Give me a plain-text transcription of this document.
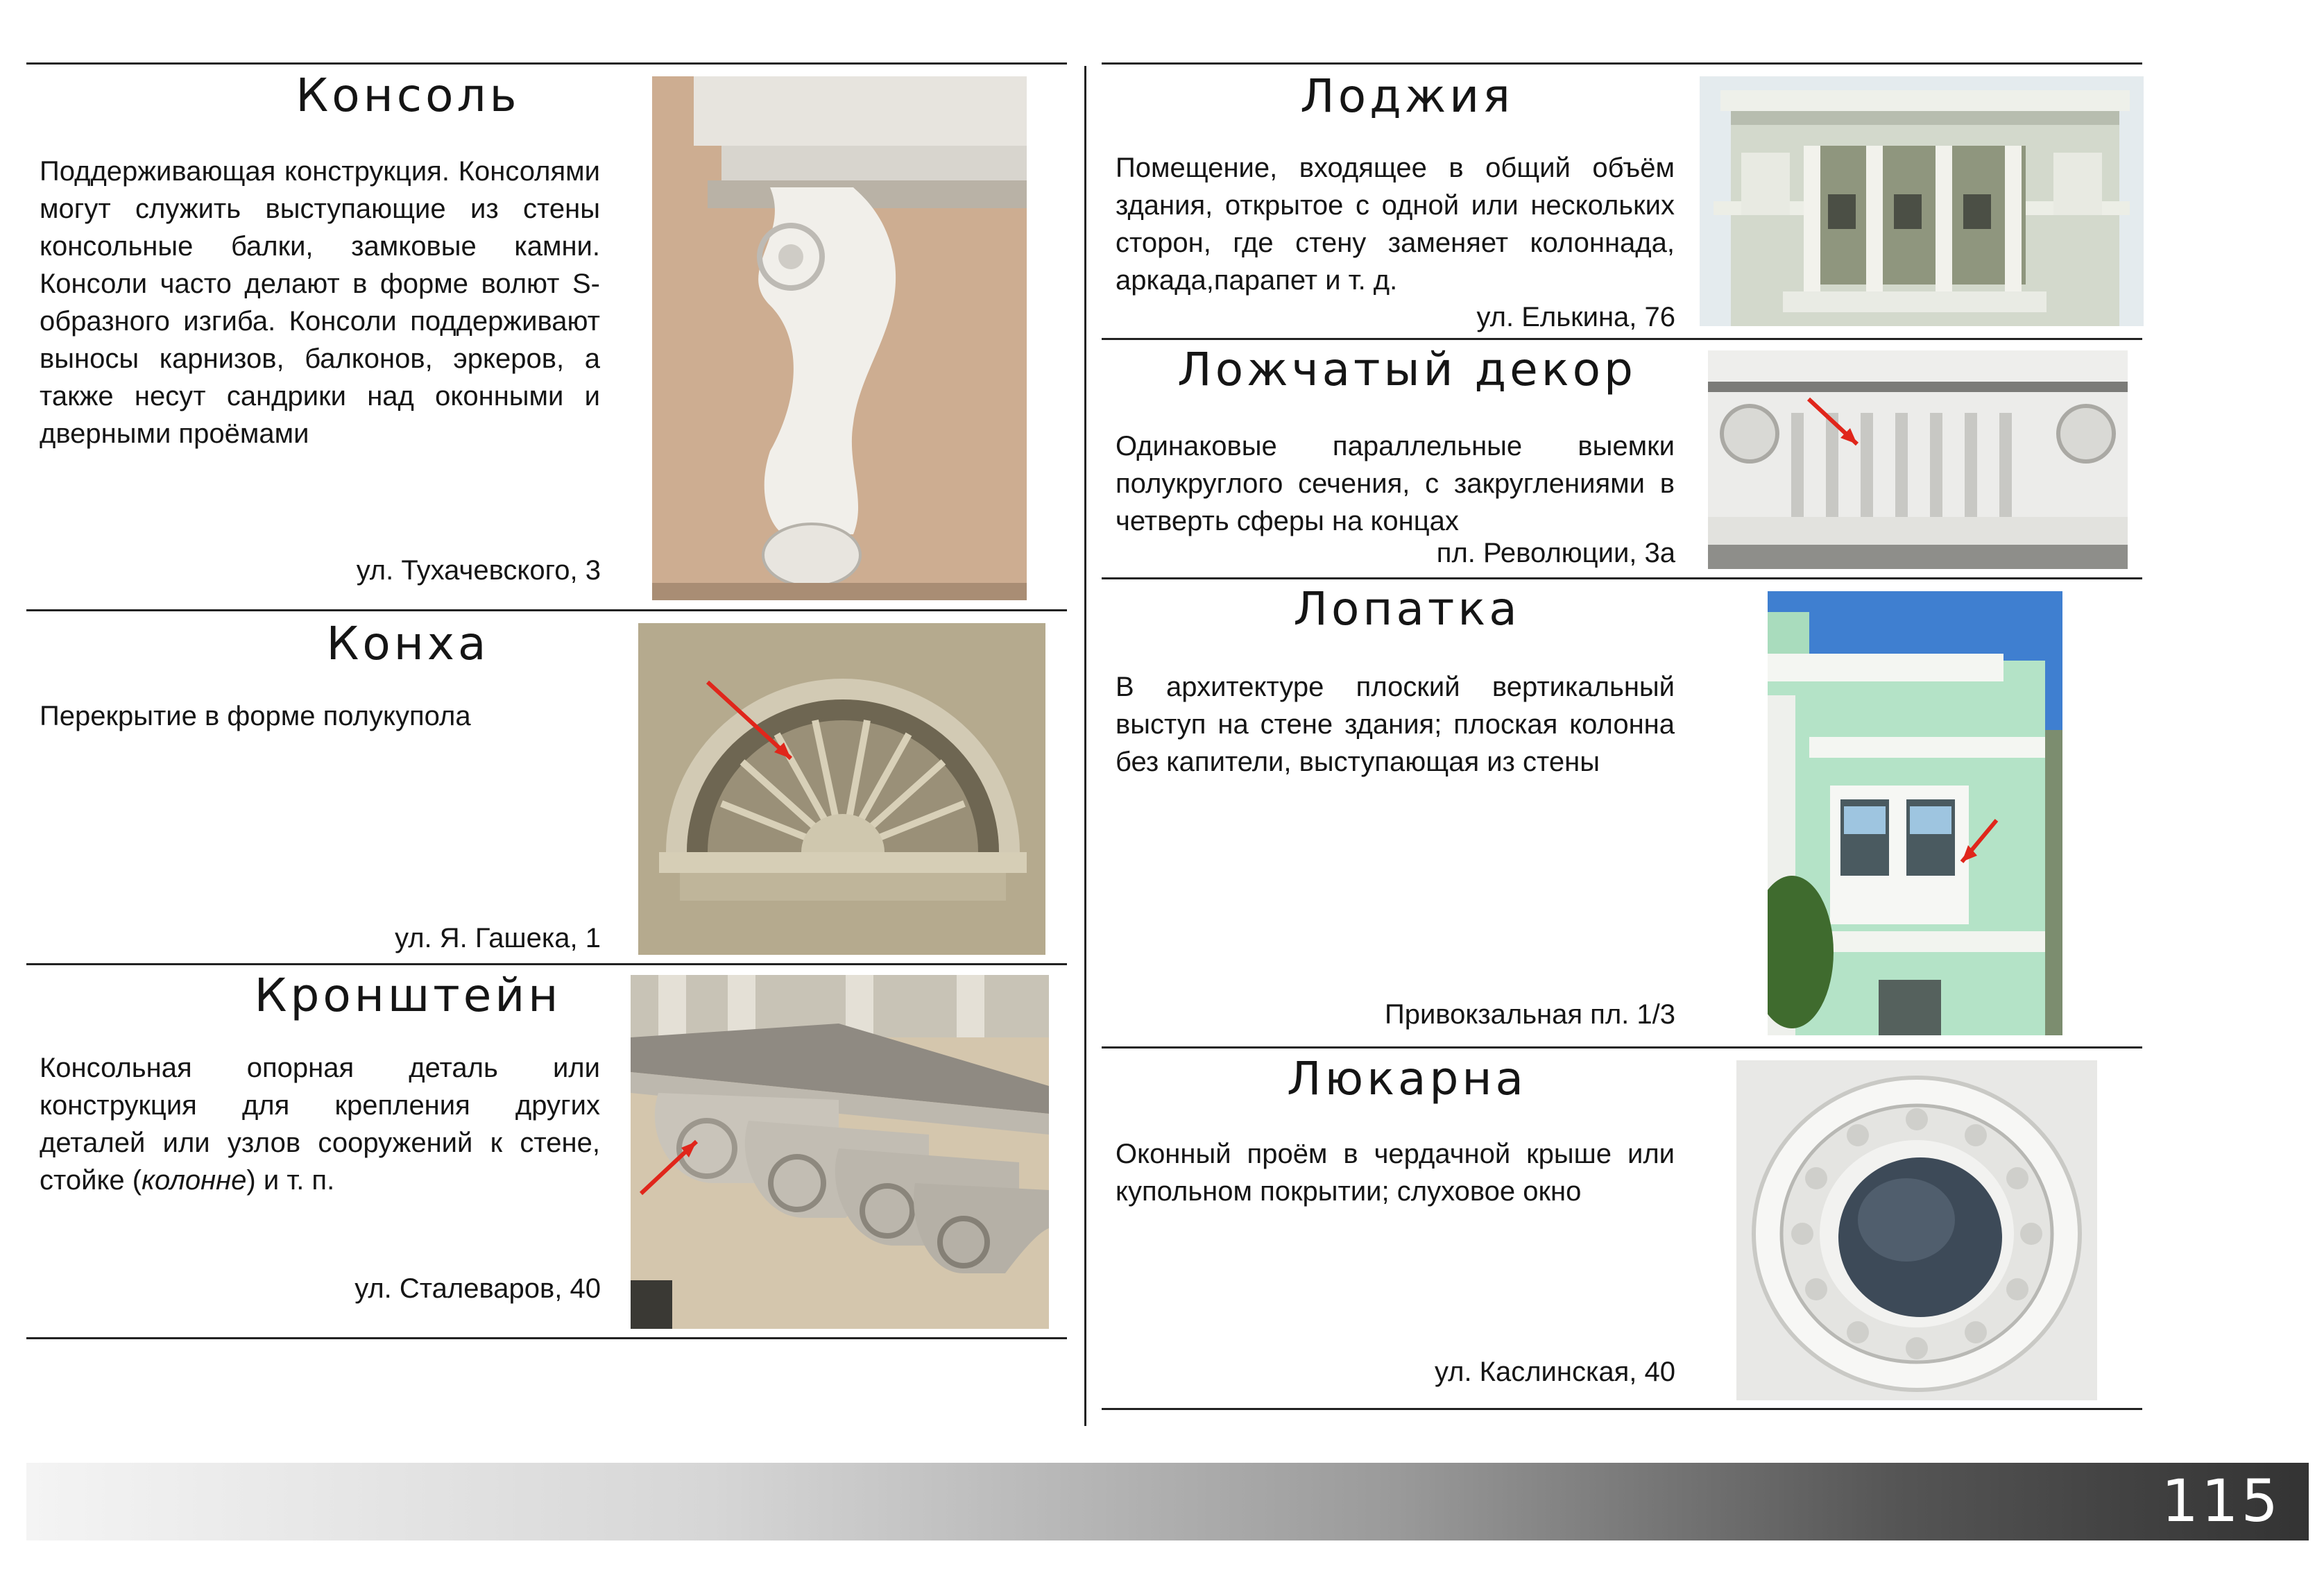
Консоль
Поддерживающая конструкция. Консолями могут служить выступающие из стены консольные балки, замковые камни. Консоли часто делают в форме волют S-образного изгиба. Консоли поддерживают выносы карнизов, балконов, эркеров, а также несут сандрики над оконными и дверными проёмами
ул. Тухачевского, 3
Конха
Перекрытие в форме полукупола
ул. Я. Гашека, 1
Кронштейн
Консольная опорная деталь или конструкция для крепления других деталей или узлов сооружений к стене, стойке (колонне) и т. п.
ул. Сталеваров, 40
Лоджия
Помещение, входящее в общий объём здания, открытое с одной или нескольких сторон, где стену заменяет колоннада, аркада,парапет и т. д.
ул. Елькина, 76
Ложчатый декор
Одинаковые параллельные выемки полукруглого сечения, с закруглениями в четверть сферы на концах
пл. Революции, 3а
Лопатка
В архитектуре плоский вертикальный выступ на стене здания; плоская колонна без капители, выступающая из стены
Привокзальная пл. 1/3
Люкарна
Оконный проём в чердачной крыше или купольном покрытии; слуховое окно
ул. Каслинская, 40
115
